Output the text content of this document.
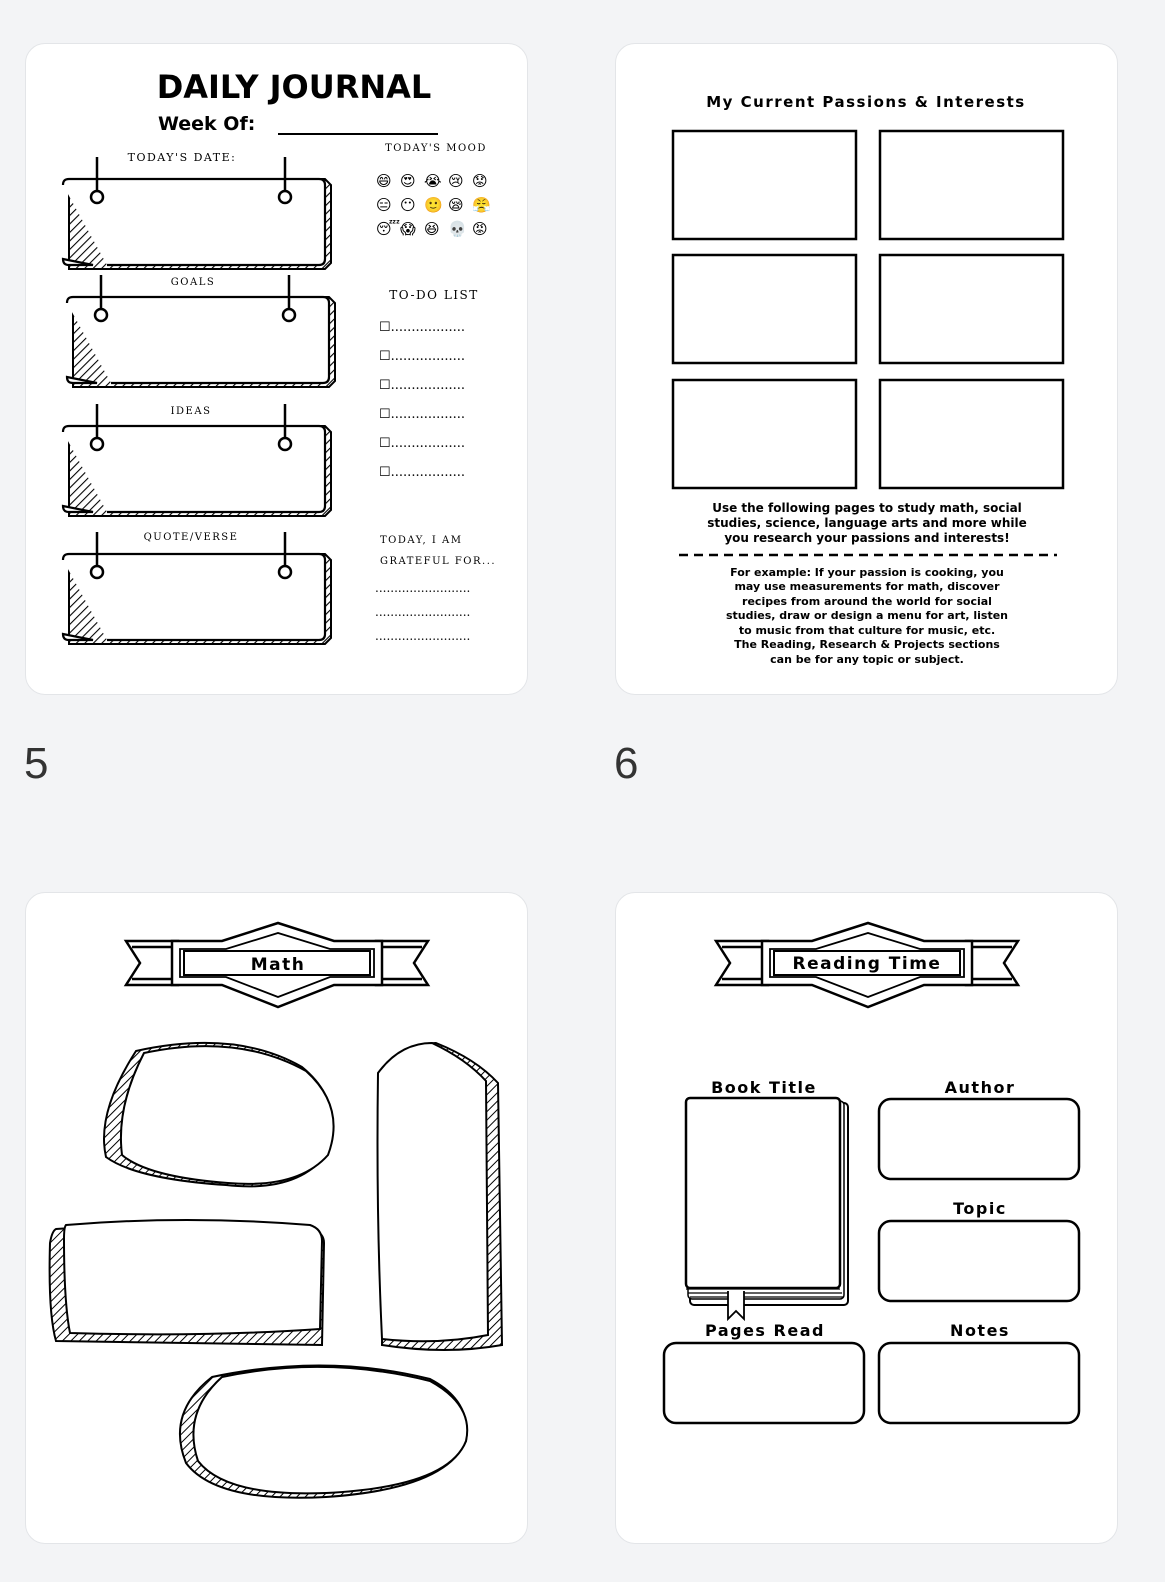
DAILY JOURNAL
Week Of:
TODAY'S DATE:
GOALS
IDEAS
QUOTE/VERSE
TODAY'S MOOD
😄 😍 😭 😢 😟
😑 😶 🙂 😪 😤
😴 😱 😆 💀 😡
TO-DO LIST
☐..................
☐..................
☐..................
☐..................
☐..................
☐..................
TODAY, I AM
GRATEFUL FOR...
.........................
.........................
.........................
My Current Passions & Interests
Use the following pages to study math, social
studies, science, language arts and more while
you research your passions and interests!
For example: If your passion is cooking, you
may use measurements for math, discover
recipes from around the world for social
studies, draw or design a menu for art, listen
to music from that culture for music, etc.
The Reading, Research & Projects sections
can be for any topic or subject.
5	6
Math	Reading Time
Book Title	Author
Topic
Pages Read	Notes
